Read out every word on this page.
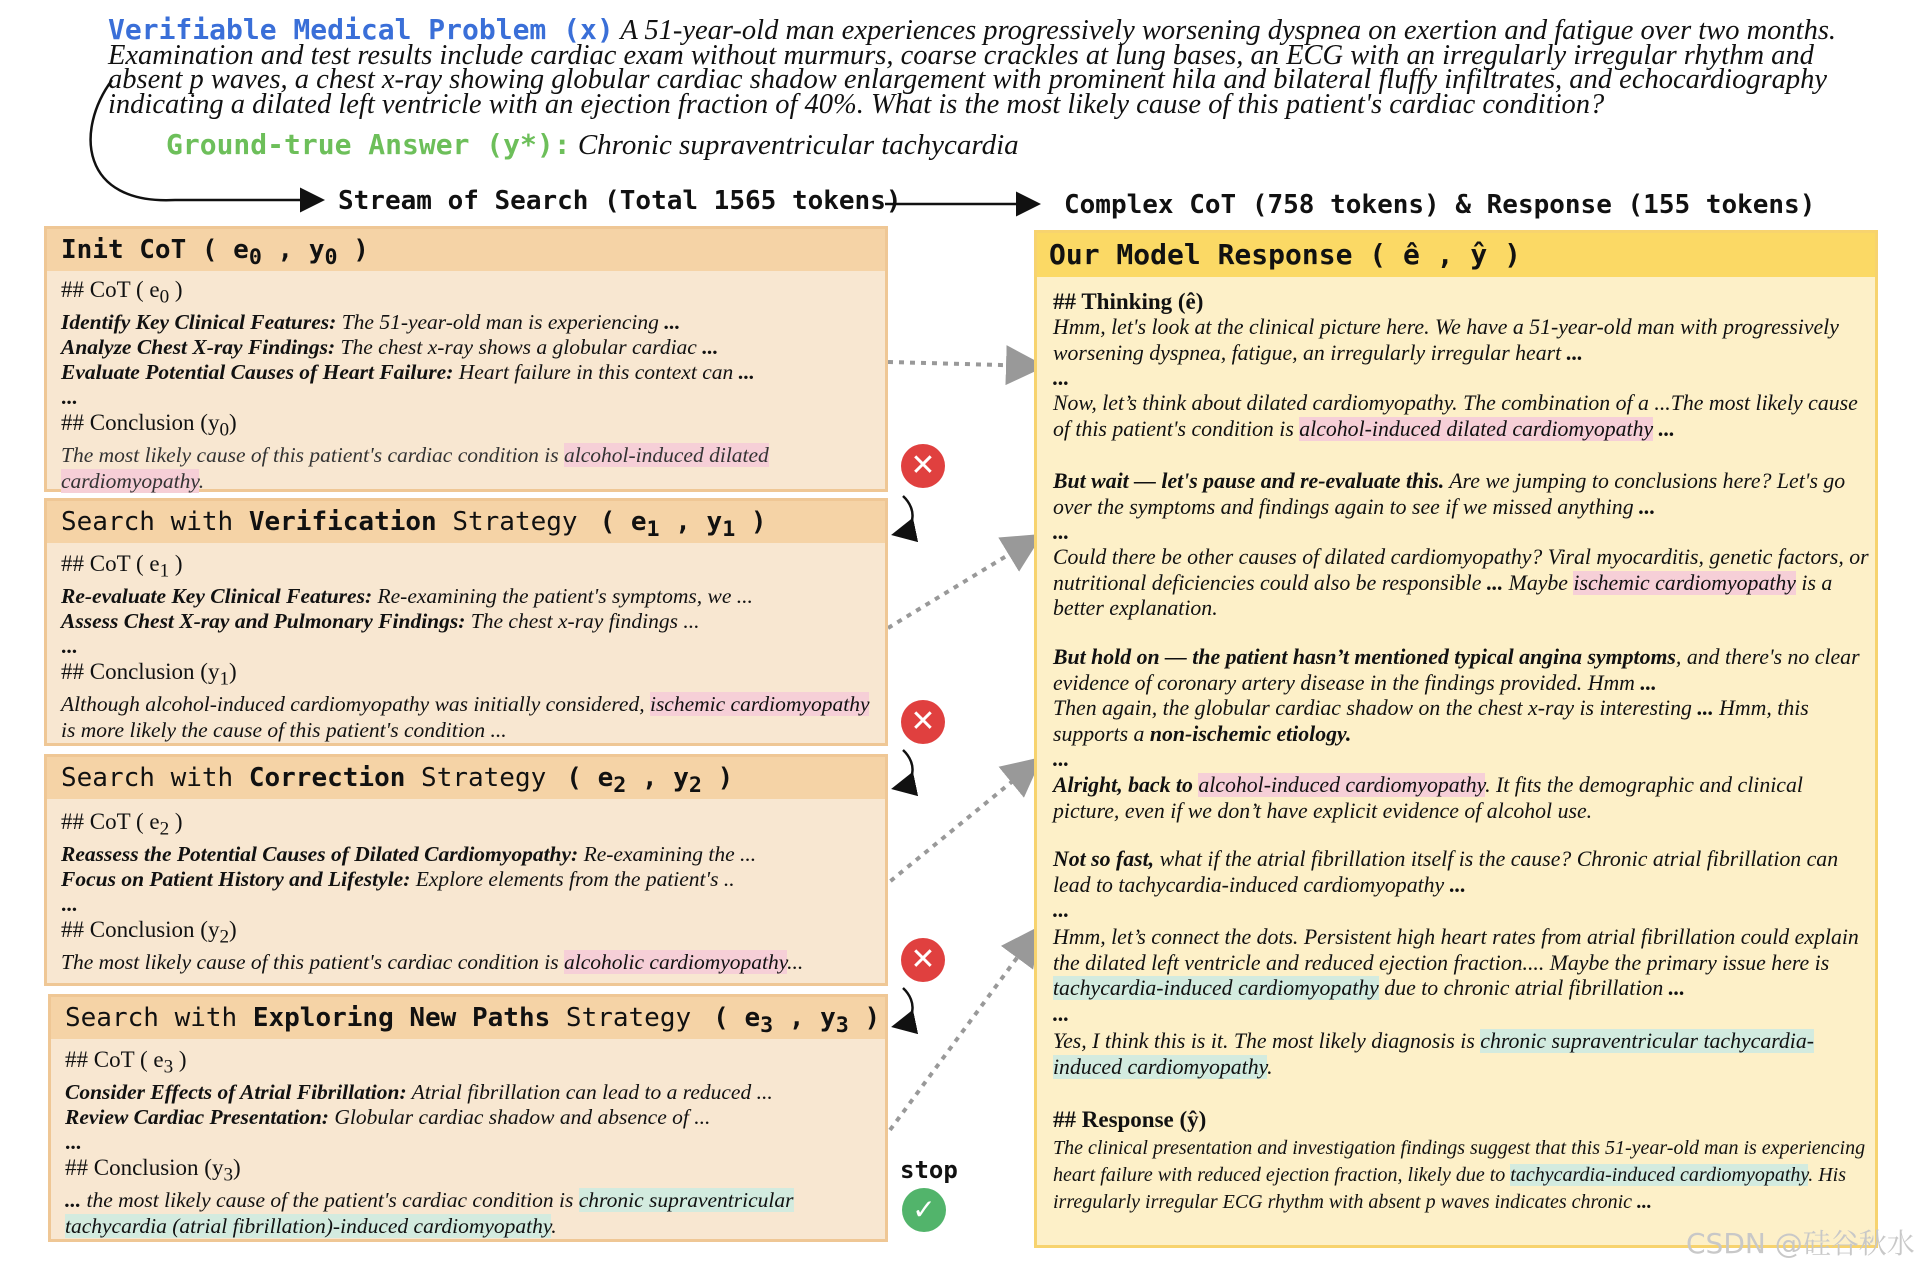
Verifiable Medical Problem (x) A 51-year-old man experiences progressively worsening dyspnea on exertion and fatigue over two months.
Examination and test results include cardiac exam without murmurs, coarse crackles at lung bases, an ECG with an irregularly irregular rhythm and
absent p waves, a chest x-ray showing globular cardiac shadow enlargement with prominent hila and bilateral fluffy infiltrates, and echocardiography
indicating a dilated left ventricle with an ejection fraction of 40%. What is the most likely cause of this patient's cardiac condition?
Ground-true Answer (y*): Chronic supraventricular tachycardia
Stream of Search (Total 1565 tokens)	Complex CoT (758 tokens) & Response (155 tokens)
Init CoT ( $e_0$ , $y_0$ )
## CoT ( $e_0$ )
Identify Key Clinical Features: The 51-year-old man is experiencing ...
Analyze Chest X-ray Findings: The chest x-ray shows a globular cardiac ...
Evaluate Potential Causes of Heart Failure: Heart failure in this context can ...
...
## Conclusion $(y_0)$
The most likely cause of this patient's cardiac condition is alcohol-induced dilated cardiomyopathy.	✕
Search with Verification Strategy ( $e_1$ , $y_1$ )
## CoT ( $e_1$ )
Re-evaluate Key Clinical Features: Re-examining the patient's symptoms, we ...
Assess Chest X-ray and Pulmonary Findings: The chest x-ray findings ...
...
## Conclusion $(y_1)$
Although alcohol-induced cardiomyopathy was initially considered, ischemic cardiomyopathy is more likely the cause of this patient's condition ...	✕
Search with Correction Strategy ( $e_2$ , $y_2$ )
## CoT ( $e_2$ )
Reassess the Potential Causes of Dilated Cardiomyopathy: Re-examining the ...
Focus on Patient History and Lifestyle: Explore elements from the patient's ..
...
## Conclusion $(y_2)$
The most likely cause of this patient's cardiac condition is alcoholic cardiomyopathy...	✕
Search with Exploring New Paths Strategy ( $e_3$ , $y_3$ )
## CoT ( $e_3$ )
Consider Effects of Atrial Fibrillation: Atrial fibrillation can lead to a reduced ...
Review Cardiac Presentation: Globular cardiac shadow and absence of ...
...
## Conclusion $(y_3)$
... the most likely cause of the patient's cardiac condition is chronic supraventricular tachycardia (atrial fibrillation)-induced cardiomyopathy.
stop
✓
Our Model Response ( ê , ŷ )
## Thinking (ê)
Hmm, let's look at the clinical picture here. We have a 51-year-old man with progressively worsening dyspnea, fatigue, an irregularly irregular heart ...
...
Now, let’s think about dilated cardiomyopathy. The combination of a ...The most likely cause of this patient's condition is alcohol-induced dilated cardiomyopathy ...
But wait — let's pause and re-evaluate this. Are we jumping to conclusions here? Let's go over the symptoms and findings again to see if we missed anything ...
...
Could there be other causes of dilated cardiomyopathy? Viral myocarditis, genetic factors, or nutritional deficiencies could also be responsible ... Maybe ischemic cardiomyopathy is a better explanation.
But hold on — the patient hasn’t mentioned typical angina symptoms, and there's no clear evidence of coronary artery disease in the findings provided. Hmm ...
Then again, the globular cardiac shadow on the chest x-ray is interesting ... Hmm, this supports a non-ischemic etiology.
...
Alright, back to alcohol-induced cardiomyopathy. It fits the demographic and clinical picture, even if we don’t have explicit evidence of alcohol use.
Not so fast, what if the atrial fibrillation itself is the cause? Chronic atrial fibrillation can lead to tachycardia-induced cardiomyopathy ...
...
Hmm, let’s connect the dots. Persistent high heart rates from atrial fibrillation could explain the dilated left ventricle and reduced ejection fraction.... Maybe the primary issue here is tachycardia-induced cardiomyopathy due to chronic atrial fibrillation ...
...
Yes, I think this is it. The most likely diagnosis is chronic supraventricular tachycardia-induced cardiomyopathy.
## Response (ŷ)
The clinical presentation and investigation findings suggest that this 51-year-old man is experiencing heart failure with reduced ejection fraction, likely due to tachycardia-induced cardiomyopathy. His irregularly irregular ECG rhythm with absent p waves indicates chronic ...
CSDN @硅谷秋水
